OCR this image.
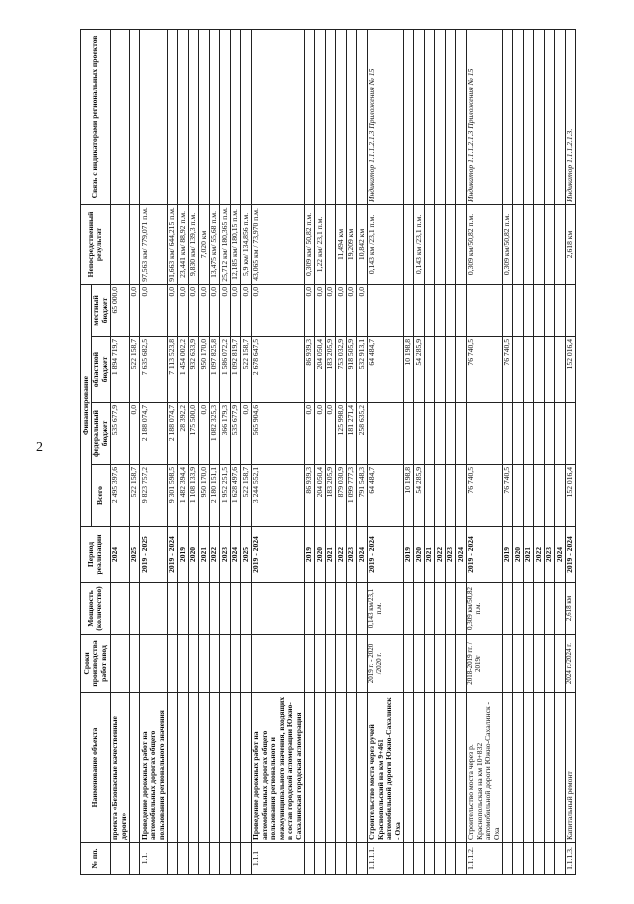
2
№ пп.	Наименование объекта	Сроки производства работ ввод	Мощность (количество)	Период реализации	Финансирование				Непосредственный результат	Связь с индикаторами региональных проектов
					Всего	федеральный бюджет	областной бюджет	местный бюджет		
	проекта «Безопасные качественные дороги»			2024	2 495 397,6	535 677,9	1 894 719,7	65 000,0		
				2025	522 158,7	0,0	522 158,7	0,0		
1.1.	Проведение дорожных работ на автомобильных дорогах общего пользования регионального значения			2019 - 2025	9 823 757,2	2 188 074,7	7 635 682,5	0,0	97,563 км/ 779,071 п.м.	
				2019 - 2024	9 301 598,5	2 188 074,7	7 113 523,8	0,0	91,663 км/ 644,215 п.м.	
				2019	1 482 394,4	28 392,2	1 454 002,2	0,0	23,441 км/ 88,92 п.м.	
				2020	1 108 133,9	175 500,0	932 633,9	0,0	9,830 км/ 139,3 п.м.	
				2021	950 170,0	0,0	950 170,0	0,0	7,020 км	
				2022	2 180 151,1	1 082 325,3	1 097 825,8	0,0	13,475 км/ 55,68 п.м.	
				2023	1 952 251,5	366 179,3	1 586 072,2	0,0	25,712 км/ 180,365 п.м.	
				2024	1 628 497,6	535 677,9	1 092 819,7	0,0	12,185 км/ 180,15 п.м.	
				2025	522 158,7	0,0	522 158,7	0,0	5,9 км/ 134,856 п.м.	
1.1.1	Проведение дорожных работ на автомобильных дорогах общего пользования регионального и межмуниципального значения, входящих в состав городской агломерации Южно-Сахалинская городская агломерация			2019 - 2024	3 244 552,1	565 904,6	2 678 647,5	0,0	43,065 км / 73,970 п.м.	
				2019	86 939,3	0,0	86 939,3	0,0	0,309 км/ 50,82 п.м.	
				2020	204 050,4	0,0	204 050,4	0,0	1,22 км/ 23,1 п.м.	
				2021	183 205,9	0,0	183 205,9	0,0		
				2022	879 030,9	125 998,0	753 032,9	0,0	11,494 км	
				2023	1 099 777,3	181 271,4	918 505,9	0,0	19,209 км	
				2024	791 548,3	258 635,2	532 913,1	0,0	10,842 км	
1.1.1.1.	Строительство моста через ручей Краснопольский на км 9+461 автомобильной дороги Южно-Сахалинск - Оха	2019 г. - 2020 /2020 г.	0,143 км/23,1 п.м.	2019 - 2024	64 484,7		64 484,7		0,143 км /23,1 п.м.	Индикатор 1.1.1.2.1.3 Приложения № 15
				2019	10 198,8		10 198,8			
				2020	54 285,9		54 285,9		0,143 км /23,1 п.м.	
				2021						
				2022						
				2023						
				2024						
1.1.1.2.	Строительство моста через р. Краснопольская на км 10+832 автомобильной дороги Южно-Сахалинск - Оха	2018-2019 гг. / 2019г	0,309 км/50,82 п.м.	2019 - 2024	76 740,5		76 740,5		0,309 км/50,82 п.м.	Индикатор 1.1.1.2.1.3 Приложения № 15
				2019	76 740,5		76 740,5		0,309 км/50,82 п.м.	
				2020						
				2021						
				2022						
				2023						
				2024						
1.1.1.3.	Капитальный ремонт	2024 г./2024 г.	2,618 км	2019 - 2024	152 016,4		152 016,4		2,618 км	Индикатор 1.1.1.2.1.3.
